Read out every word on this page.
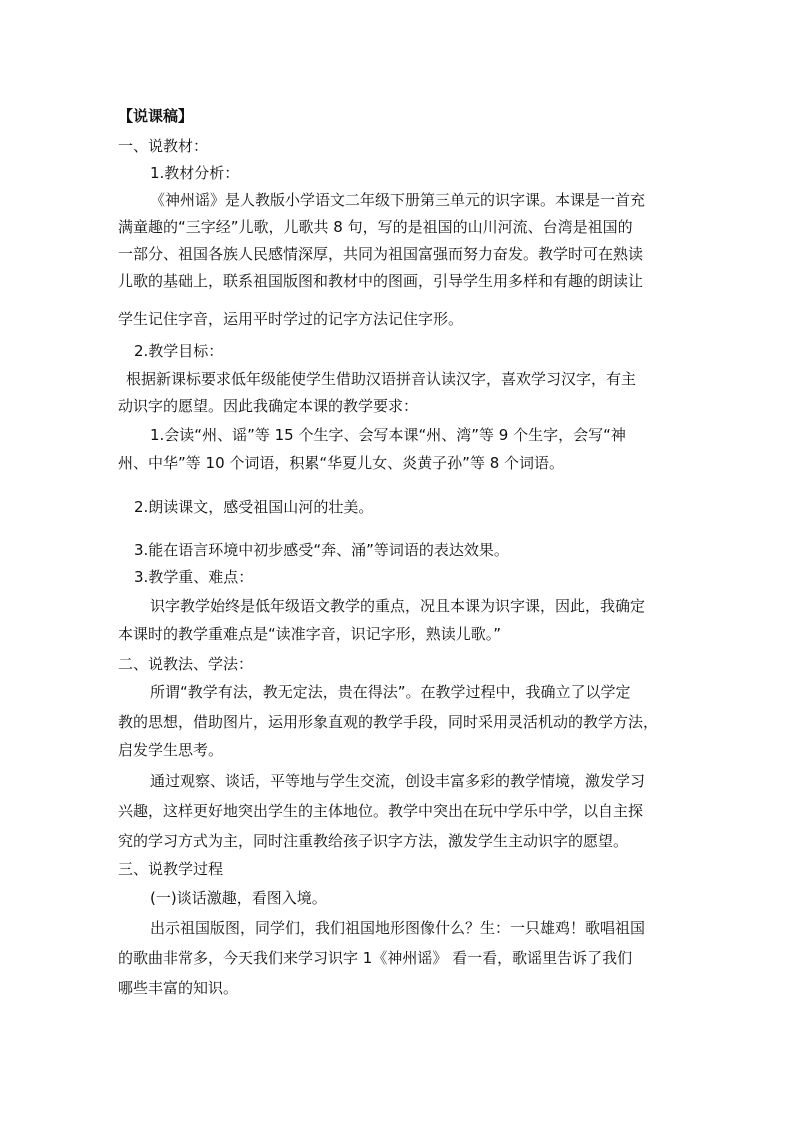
【说课稿】
一、说教材：
1.教材分析：
《神州谣》是人教版小学语文二年级下册第三单元的识字课。本课是一首充
满童趣的“三字经”儿歌，儿歌共 8 句，写的是祖国的山川河流、台湾是祖国的
一部分、祖国各族人民感情深厚，共同为祖国富强而努力奋发。教学时可在熟读
儿歌的基础上，联系祖国版图和教材中的图画，引导学生用多样和有趣的朗读让
学生记住字音，运用平时学过的记字方法记住字形。
2.教学目标：
根据新课标要求低年级能使学生借助汉语拼音认读汉字，喜欢学习汉字，有主
动识字的愿望。因此我确定本课的教学要求：
1.会读“州、谣”等 15 个生字、会写本课“州、湾”等 9 个生字，会写“神
州、中华”等 10 个词语，积累“华夏儿女、炎黄子孙”等 8 个词语。
2.朗读课文，感受祖国山河的壮美。
3.能在语言环境中初步感受“奔、涌”等词语的表达效果。
3.教学重、难点：
识字教学始终是低年级语文教学的重点，况且本课为识字课，因此，我确定
本课时的教学重难点是“读准字音，识记字形，熟读儿歌。”
二、说教法、学法：
所谓“教学有法，教无定法，贵在得法”。在教学过程中，我确立了以学定
教的思想，借助图片，运用形象直观的教学手段，同时采用灵活机动的教学方法，
启发学生思考。
通过观察、谈话，平等地与学生交流，创设丰富多彩的教学情境，激发学习
兴趣，这样更好地突出学生的主体地位。教学中突出在玩中学乐中学，以自主探
究的学习方式为主，同时注重教给孩子识字方法，激发学生主动识字的愿望。
三、说教学过程
(一)谈话激趣，看图入境。
出示祖国版图，同学们，我们祖国地形图像什么？生：一只雄鸡！歌唱祖国
的歌曲非常多，今天我们来学习识字 1《神州谣》 看一看，歌谣里告诉了我们
哪些丰富的知识。
